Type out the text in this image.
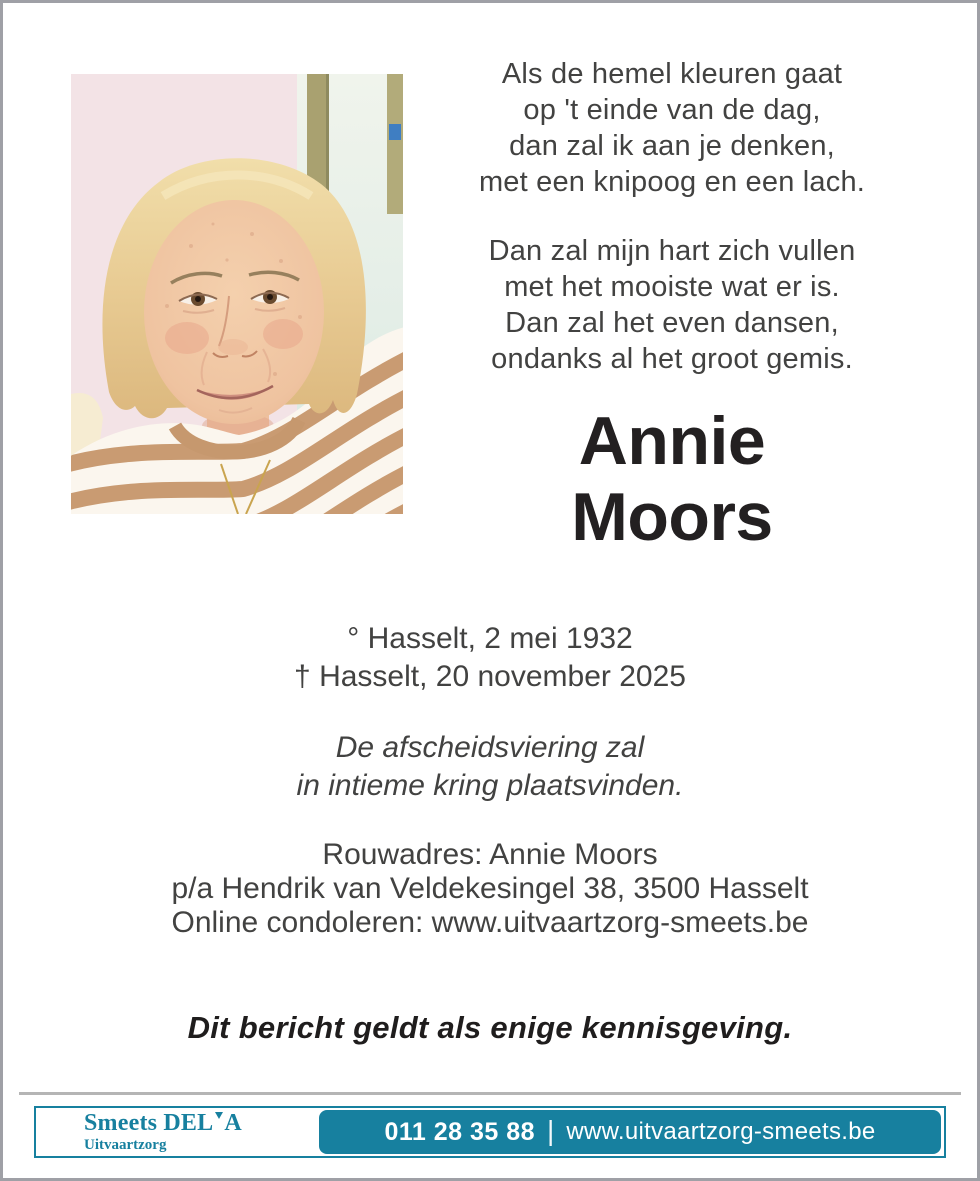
Als de hemel kleuren gaat
op 't einde van de dag,
dan zal ik aan je denken,
met een knipoog en een lach.
Dan zal mijn hart zich vullen
met het mooiste wat er is.
Dan zal het even dansen,
ondanks al het groot gemis.
Annie
Moors
° Hasselt, 2 mei 1932
† Hasselt, 20 november 2025
De afscheidsviering zal
in intieme kring plaatsvinden.
Rouwadres: Annie Moors
p/a Hendrik van Veldekesingel 38, 3500 Hasselt
Online condoleren: www.uitvaartzorg-smeets.be
Dit bericht geldt als enige kennisgeving.
Smeets DEL A
Uitvaartzorg	011 28 35 88 | www.uitvaartzorg-smeets.be
